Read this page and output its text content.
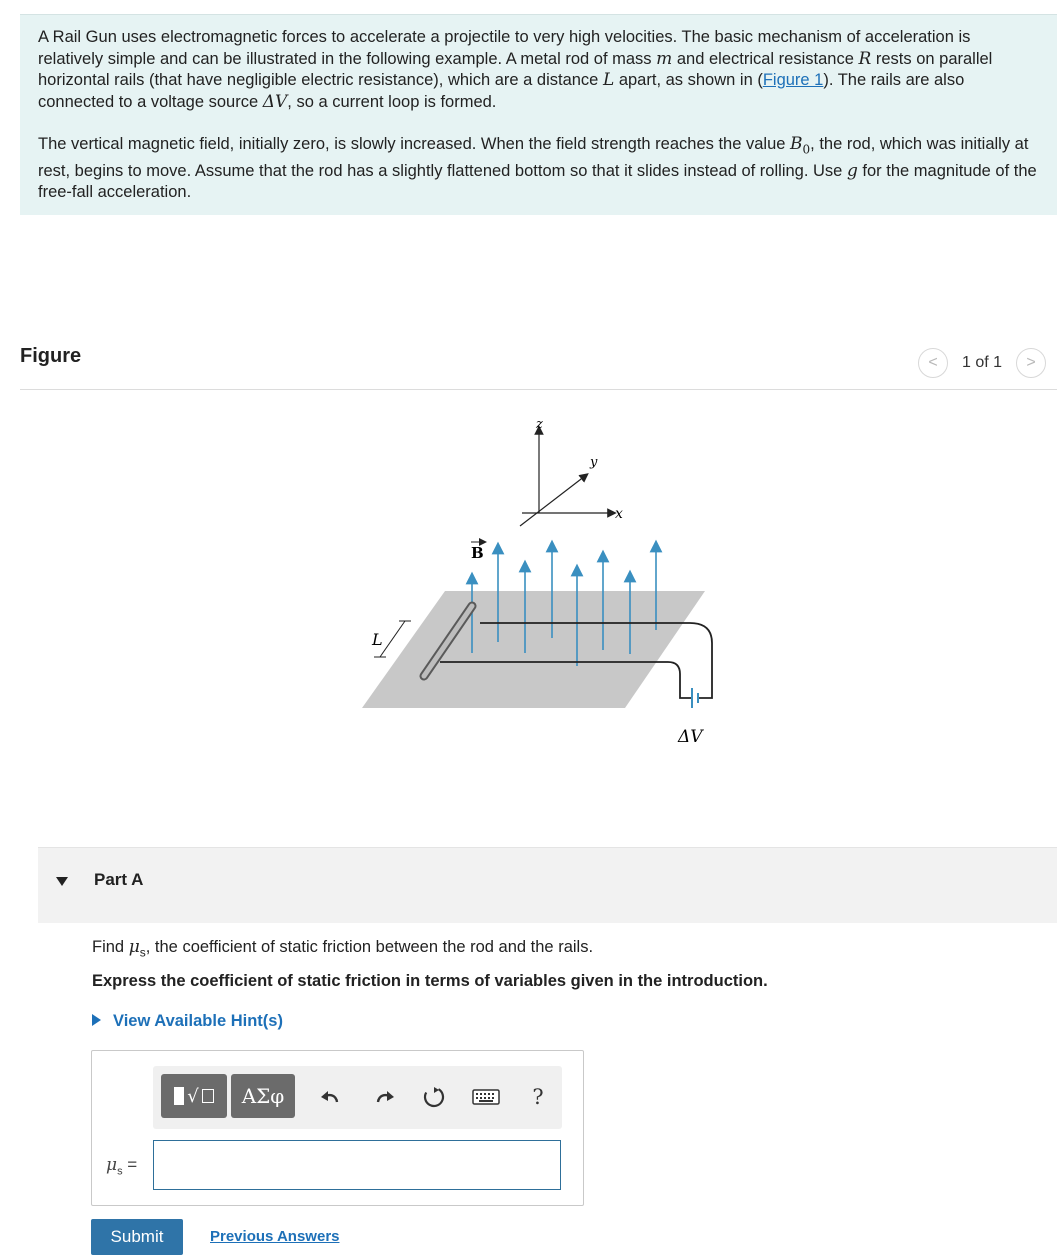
A Rail Gun uses electromagnetic forces to accelerate a projectile to very high velocities. The basic mechanism of acceleration is relatively simple and can be illustrated in the following example. A metal rod of mass m and electrical resistance R rests on parallel horizontal rails (that have negligible electric resistance), which are a distance L apart, as shown in (Figure 1). The rails are also connected to a voltage source ΔV, so a current loop is formed.

The vertical magnetic field, initially zero, is slowly increased. When the field strength reaches the value $B_0$, the rod, which was initially at rest, begins to move. Assume that the rod has a slightly flattened bottom so that it slides instead of rolling. Use g for the magnitude of the free-fall acceleration.

Figure	< 1 of 1 >
z
y
x
B
ΔV
L
Part A
Find $\mu_s$, the coefficient of static friction between the rod and the rails.
Express the coefficient of static friction in terms of variables given in the introduction.
View Available Hint(s)
√ ΑΣφ	?
$\mu_s$ =
Submit	Previous Answers
